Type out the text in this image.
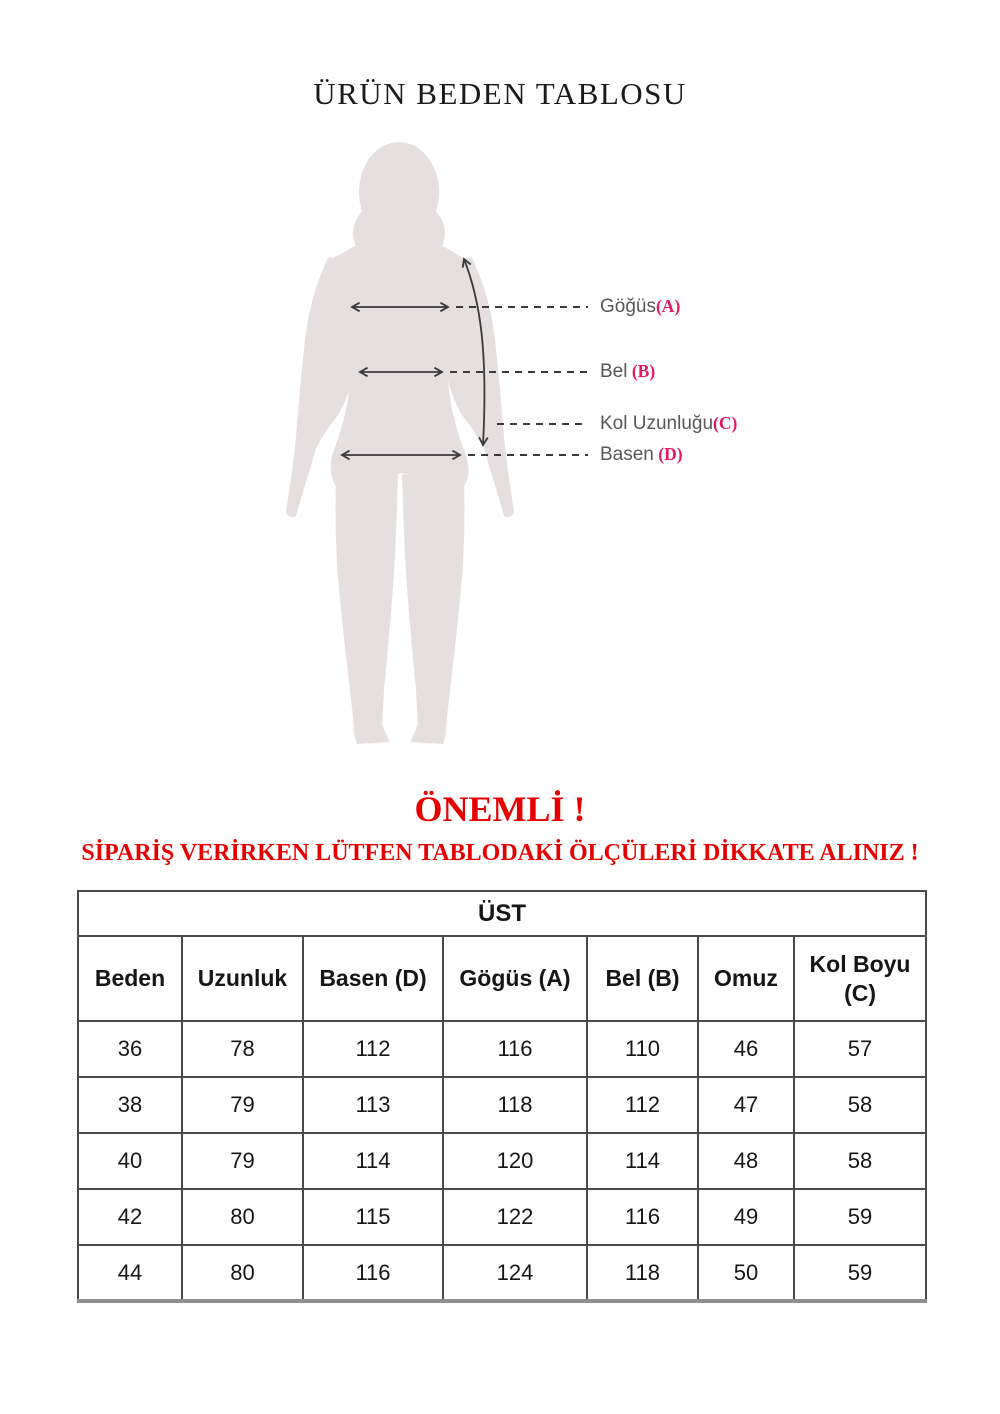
ÜRÜN BEDEN TABLOSU
Göğüs(A)
Bel (B)
Kol Uzunluğu(C)
Basen (D)
ÖNEMLİ !
SİPARİŞ VERİRKEN LÜTFEN TABLODAKİ ÖLÇÜLERİ DİKKATE ALINIZ !
ÜST						
Beden	Uzunluk	Basen (D)	Gögüs (A)	Bel (B)	Omuz	Kol Boyu (C)
36	78	112	116	110	46	57
38	79	113	118	112	47	58
40	79	114	120	114	48	58
42	80	115	122	116	49	59
44	80	116	124	118	50	59
